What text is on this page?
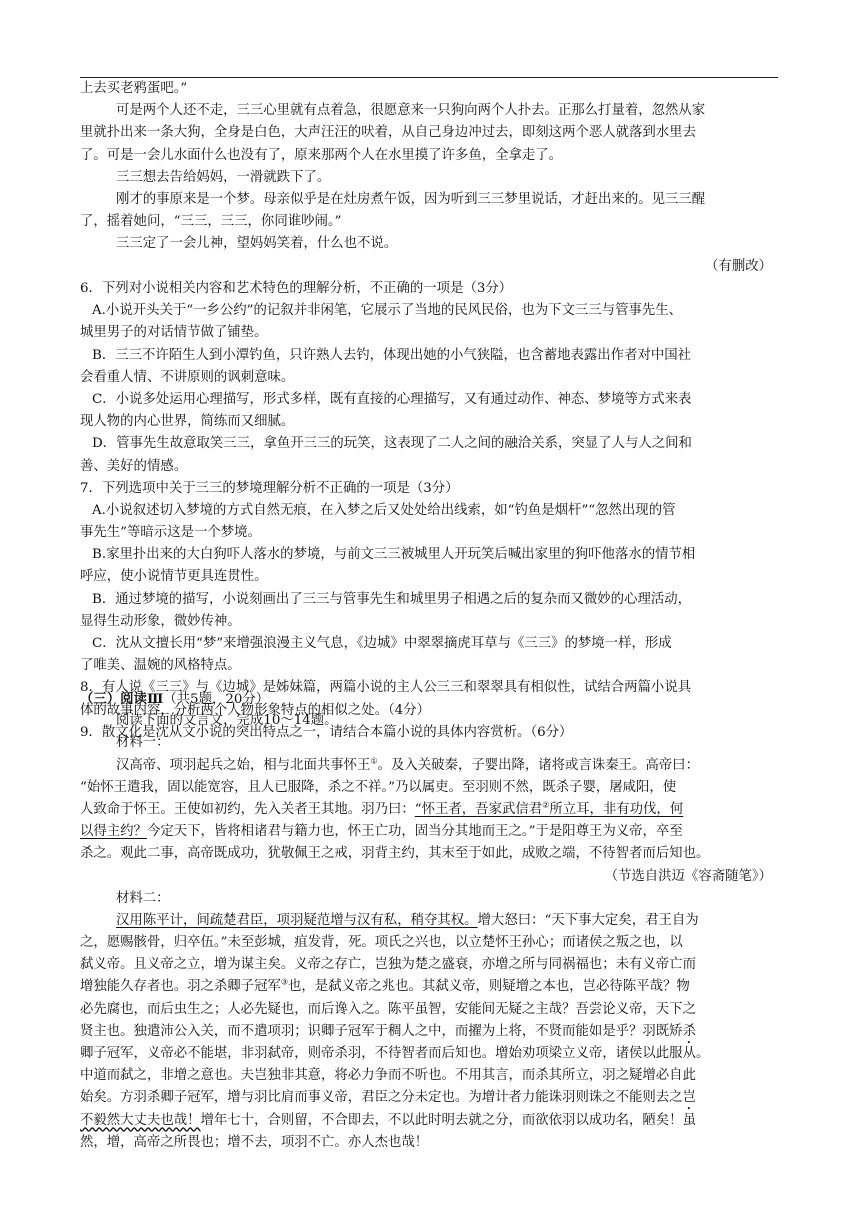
上去买老鸦蛋吧。”
可是两个人还不走，三三心里就有点着急，很愿意来一只狗向两个人扑去。正那么打量着，忽然从家
里就扑出来一条大狗，全身是白色，大声汪汪的吠着，从自己身边冲过去，即刻这两个恶人就落到水里去
了。可是一会儿水面什么也没有了，原来那两个人在水里摸了许多鱼，全拿走了。
三三想去告给妈妈，一滑就跌下了。
刚才的事原来是一个梦。母亲似乎是在灶房煮午饭，因为听到三三梦里说话，才赶出来的。见三三醒
了，摇着她问，“三三，三三，你同谁吵闹。”
三三定了一会儿神，望妈妈笑着，什么也不说。
（有删改）
6．下列对小说相关内容和艺术特色的理解分析，不正确的一项是（3分）
A.小说开头关于“一乡公约”的记叙并非闲笔，它展示了当地的民风民俗，也为下文三三与管事先生、
城里男子的对话情节做了铺垫。
B．三三不许陌生人到小潭钓鱼，只许熟人去钓，体现出她的小气狭隘，也含蓄地表露出作者对中国社
会看重人情、不讲原则的讽刺意味。
C．小说多处运用心理描写，形式多样，既有直接的心理描写，又有通过动作、神态、梦境等方式来表
现人物的内心世界，简练而又细腻。
D．管事先生故意取笑三三，拿鱼开三三的玩笑，这表现了二人之间的融洽关系，突显了人与人之间和
善、美好的情感。
7．下列选项中关于三三的梦境理解分析不正确的一项是（3分）
A.小说叙述切入梦境的方式自然无痕，在入梦之后又处处给出线索，如“钓鱼是烟杆”“忽然出现的管
事先生”等暗示这是一个梦境。
B.家里扑出来的大白狗吓人落水的梦境，与前文三三被城里人开玩笑后喊出家里的狗吓他落水的情节相
呼应，使小说情节更具连贯性。
B．通过梦境的描写，小说刻画出了三三与管事先生和城里男子相遇之后的复杂而又微妙的心理活动，
显得生动形象，微妙传神。
C．沈从文擅长用“梦”来增强浪漫主义气息，《边城》中翠翠摘虎耳草与《三三》的梦境一样，形成
了唯美、温婉的风格特点。
8．有人说《三三》与《边城》是姊妹篇，两篇小说的主人公三三和翠翠具有相似性，试结合两篇小说具
体的故事内容，分析两个人物形象特点的相似之处。（4分）
9．散文化是沈从文小说的突出特点之一，请结合本篇小说的具体内容赏析。（6分）
（三）阅读Ⅲ（共5题，20分）
阅读下面的文言文，完成10～14题。
材料一：
汉高帝、项羽起兵之始，相与北面共事怀王①。及入关破秦，子婴出降，诸将或言诛秦王。高帝曰：
“始怀王遣我，固以能宽容，且人已服降，杀之不祥。”乃以属吏。至羽则不然，既杀子婴，屠咸阳，使
人致命于怀王。王使如初约，先入关者王其地。羽乃曰：“怀王者，吾家武信君②所立耳，非有功伐，何
以得主约？今定天下，皆将相诸君与籍力也，怀王亡功，固当分其地而王之。”于是阳尊王为义帝，卒至
杀之。观此二事，高帝既成功，犹敬佩王之戒，羽背主约，其末至于如此，成败之端，不待智者而后知也。
（节选自洪迈《容斋随笔》）
材料二：
汉用陈平计，间疏楚君臣，项羽疑范增与汉有私，稍夺其权。增大怒曰：“天下事大定矣，君王自为
之，愿赐骸骨，归卒伍。”未至彭城，疽发背，死。项氏之兴也，以立楚怀王孙心；而诸侯之叛之也，以
弑义帝。且义帝之立，增为谋主矣。义帝之存亡，岂独为楚之盛衰，亦增之所与同祸福也；未有义帝亡而
增独能久存者也。羽之杀卿子冠军③也，是弑义帝之兆也。其弑义帝，则疑增之本也，岂必待陈平哉？物
必先腐也，而后虫生之；人必先疑也，而后谗入之。陈平虽智，安能间无疑之主哉？吾尝论义帝，天下之
贤主也。独遣沛公入关，而不遣项羽；识卿子冠军于稠人之中，而擢为上将，不贤而能如是乎？羽既矫杀
卿子冠军，义帝必不能堪，非羽弑帝，则帝杀羽，不待智者而后知也。增始劝项梁立义帝，诸侯以此服从。
中道而弑之，非增之意也。夫岂独非其意，将必力争而不听也。不用其言，而杀其所立，羽之疑增必自此
始矣。方羽杀卿子冠军，增与羽比肩而事义帝，君臣之分未定也。为增计者力能诛羽则诛之不能则去之岂
不毅然大丈夫也哉！增年七十，合则留，不合即去，不以此时明去就之分，而欲依羽以成功名，陋矣！虽
然，增，高帝之所畏也；增不去，项羽不亡。亦人杰也哉！
